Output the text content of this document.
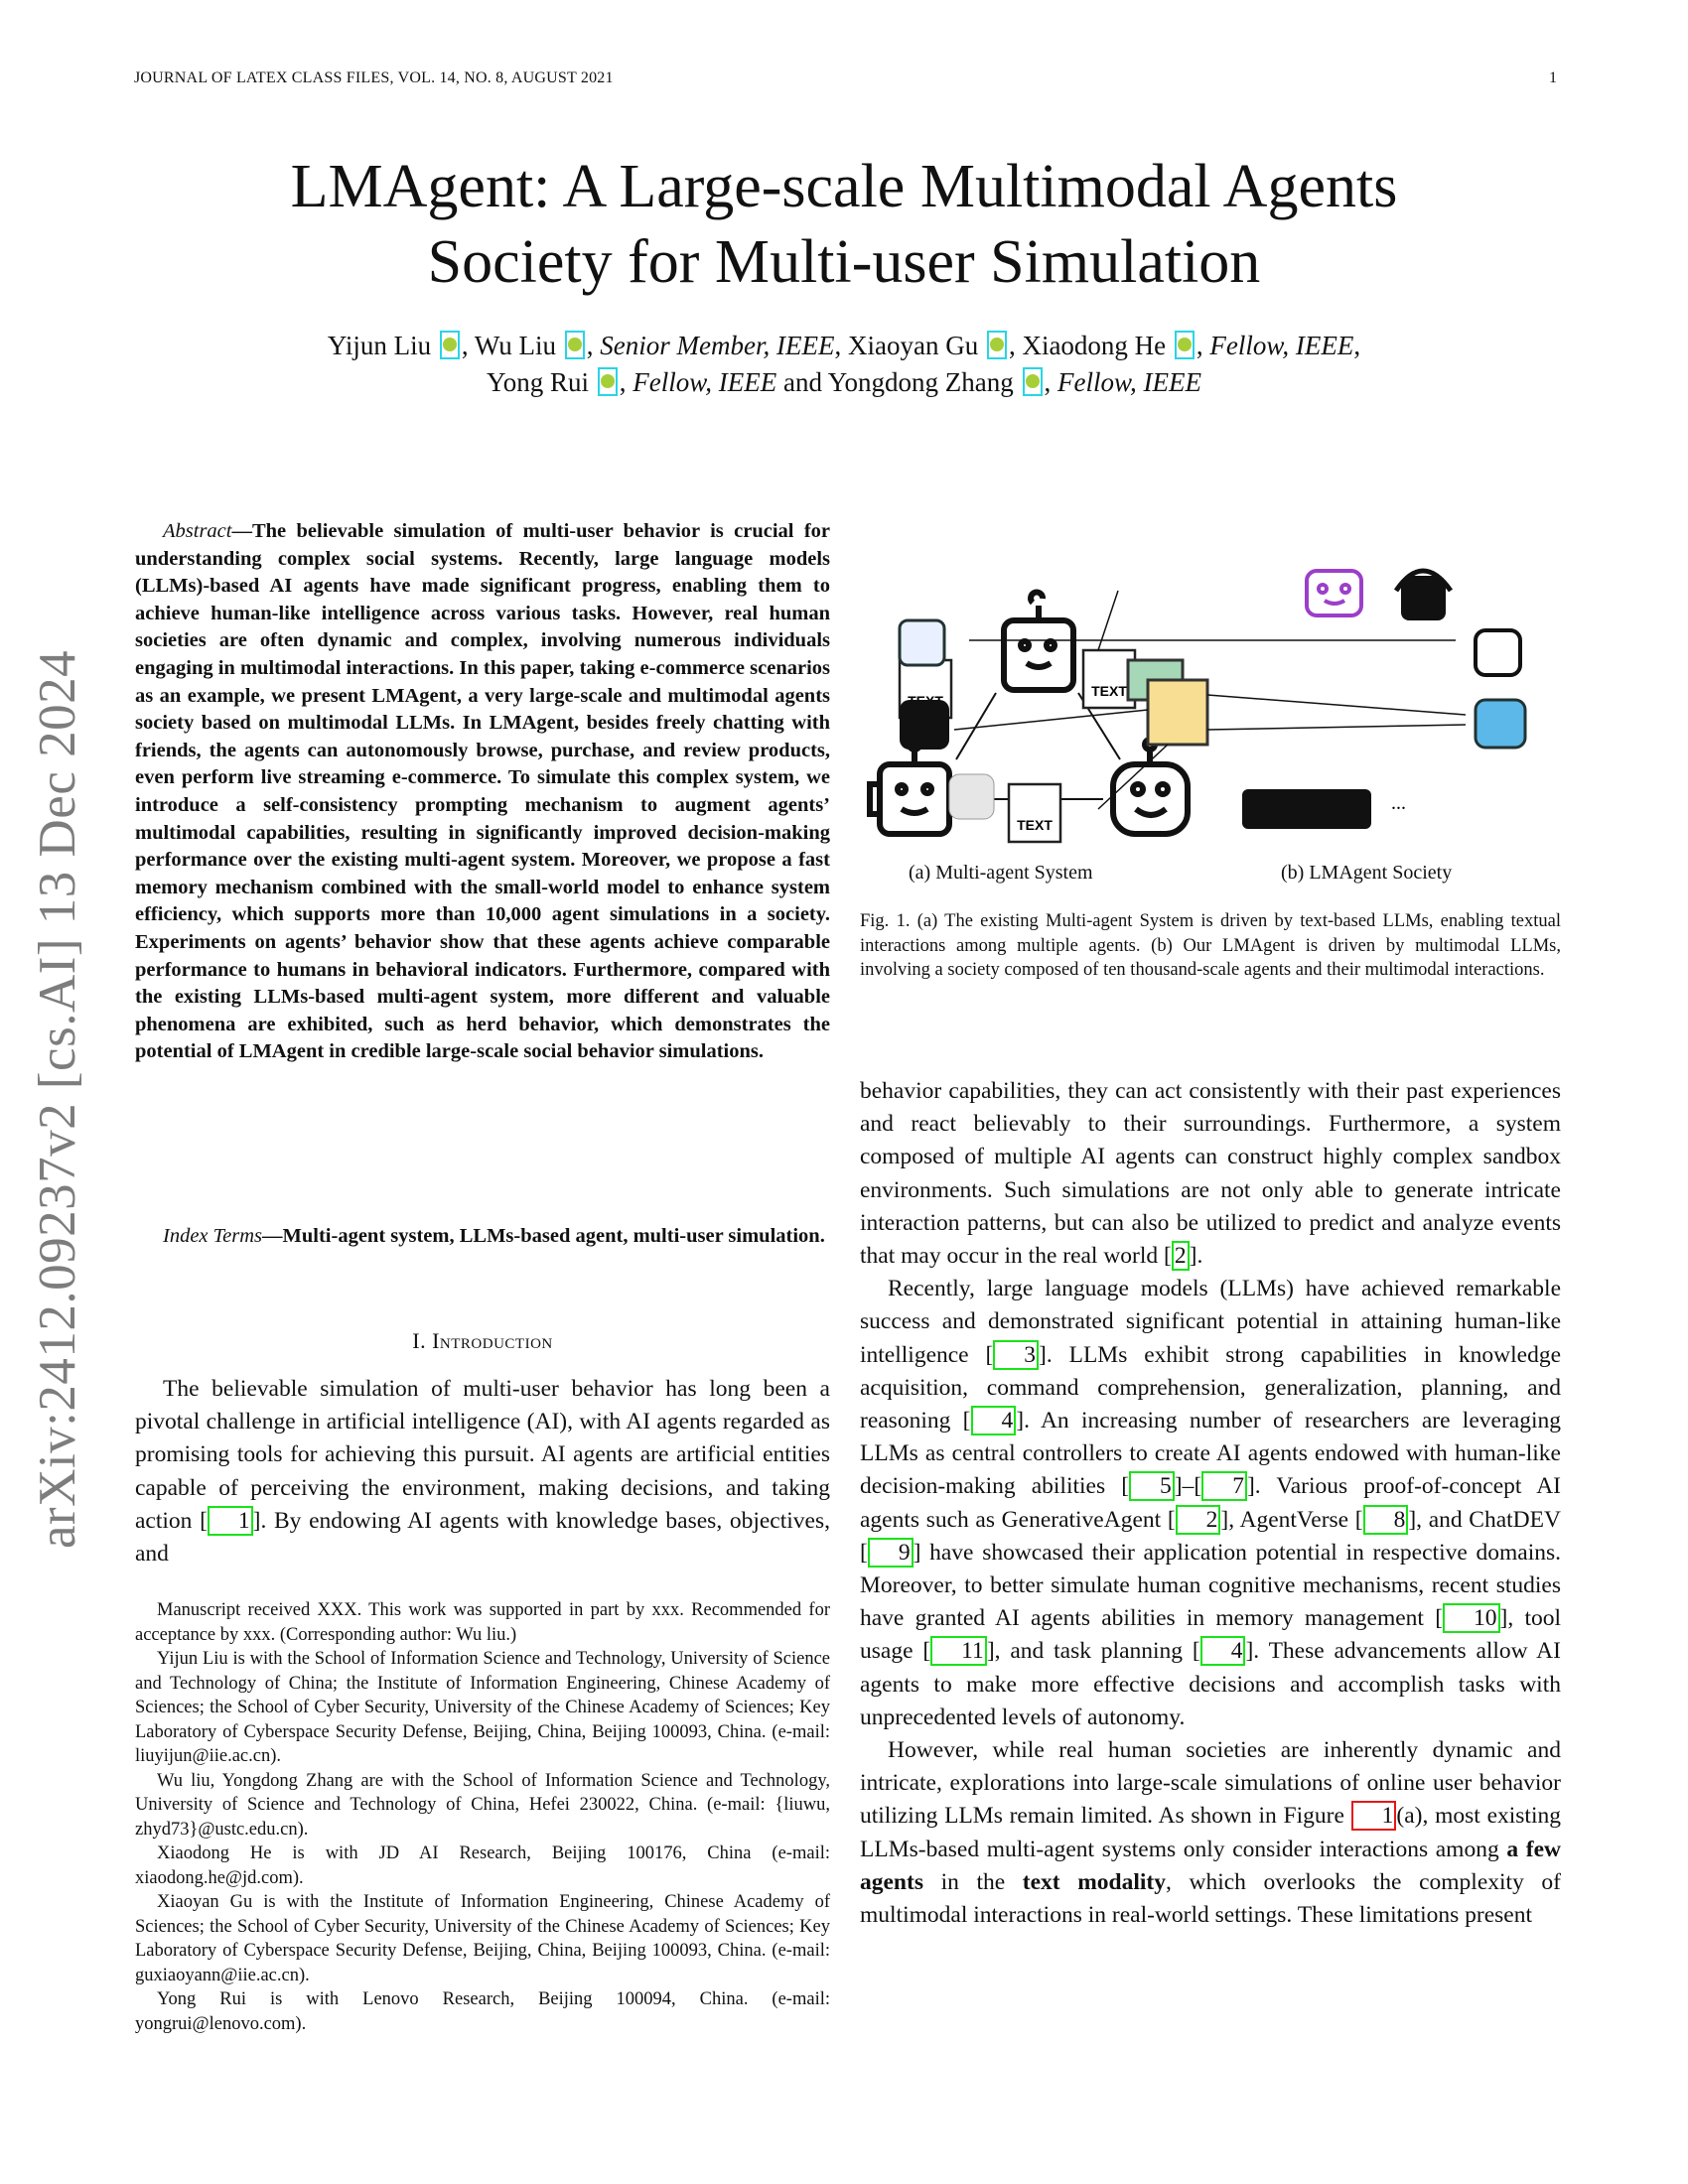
JOURNAL OF LATEX CLASS FILES, VOL. 14, NO. 8, AUGUST 2021	1
arXiv:2412.09237v2 [cs.AI] 13 Dec 2024
LMAgent: A Large-scale Multimodal Agents
Society for Multi-user Simulation
Yijun Liu , Wu Liu , Senior Member, IEEE, Xiaoyan Gu , Xiaodong He , Fellow, IEEE,
Yong Rui , Fellow, IEEE and Yongdong Zhang , Fellow, IEEE
Abstract—The believable simulation of multi-user behavior is crucial for understanding complex social systems. Recently, large language models (LLMs)-based AI agents have made significant progress, enabling them to achieve human-like intelligence across various tasks. However, real human societies are often dynamic and complex, involving numerous individuals engaging in multimodal interactions. In this paper, taking e-commerce scenarios as an example, we present LMAgent, a very large-scale and multimodal agents society based on multimodal LLMs. In LMAgent, besides freely chatting with friends, the agents can autonomously browse, purchase, and review products, even perform live streaming e-commerce. To simulate this complex system, we introduce a self-consistency prompting mechanism to augment agents’ multimodal capabilities, resulting in significantly improved decision-making performance over the existing multi-agent system. Moreover, we propose a fast memory mechanism combined with the small-world model to enhance system efficiency, which supports more than 10,000 agent simulations in a society. Experiments on agents’ behavior show that these agents achieve comparable performance to humans in behavioral indicators. Furthermore, compared with the existing LLMs-based multi-agent system, more different and valuable phenomena are exhibited, such as herd behavior, which demonstrates the potential of LMAgent in credible large-scale social behavior simulations.
Index Terms—Multi-agent system, LLMs-based agent, multi-user simulation.
I. Introduction

The believable simulation of multi-user behavior has long been a pivotal challenge in artificial intelligence (AI), with AI agents regarded as promising tools for achieving this pursuit. AI agents are artificial entities capable of perceiving the environment, making decisions, and taking action [ 1 ]. By endowing AI agents with knowledge bases, objectives, and

Manuscript received XXX. This work was supported in part by xxx. Recommended for acceptance by xxx. (Corresponding author: Wu liu.)

Yijun Liu is with the School of Information Science and Technology, University of Science and Technology of China; the Institute of Information Engineering, Chinese Academy of Sciences; the School of Cyber Security, University of the Chinese Academy of Sciences; Key Laboratory of Cyberspace Security Defense, Beijing, China, Beijing 100093, China. (e-mail: liuyijun@iie.ac.cn).

Wu liu, Yongdong Zhang are with the School of Information Science and Technology, University of Science and Technology of China, Hefei 230022, China. (e-mail: {liuwu, zhyd73}@ustc.edu.cn).

Xiaodong He is with JD AI Research, Beijing 100176, China (e-mail: xiaodong.he@jd.com).

Xiaoyan Gu is with the Institute of Information Engineering, Chinese Academy of Sciences; the School of Cyber Security, University of the Chinese Academy of Sciences; Key Laboratory of Cyberspace Security Defense, Beijing, China, Beijing 100093, China. (e-mail: guxiaoyann@iie.ac.cn).

Yong Rui is with Lenovo Research, Beijing 100094, China. (e-mail: yongrui@lenovo.com).

TEXT
TEXT
...
(a) Multi-agent System	(b) LMAgent Society
Fig. 1. (a) The existing Multi-agent System is driven by text-based LLMs, enabling textual interactions among multiple agents. (b) Our LMAgent is driven by multimodal LLMs, involving a society composed of ten thousand-scale agents and their multimodal interactions.

behavior capabilities, they can act consistently with their past experiences and react believably to their surroundings. Furthermore, a system composed of multiple AI agents can construct highly complex sandbox environments. Such simulations are not only able to generate intricate interaction patterns, but can also be utilized to predict and analyze events that may occur in the real world [ 2 ].

Recently, large language models (LLMs) have achieved remarkable success and demonstrated significant potential in attaining human-like intelligence [ 3 ]. LLMs exhibit strong capabilities in knowledge acquisition, command comprehension, generalization, planning, and reasoning [ 4 ]. An increasing number of researchers are leveraging LLMs as central controllers to create AI agents endowed with human-like decision-making abilities [ 5 ]–[ 7 ]. Various proof-of-concept AI agents such as GenerativeAgent [ 2 ], AgentVerse [ 8 ], and ChatDEV [ 9 ] have showcased their application potential in respective domains. Moreover, to better simulate human cognitive mechanisms, recent studies have granted AI agents abilities in memory management [ 10 ], tool usage [ 11 ], and task planning [ 4 ]. These advancements allow AI agents to make more effective decisions and accomplish tasks with unprecedented levels of autonomy.

However, while real human societies are inherently dynamic and intricate, explorations into large-scale simulations of online user behavior utilizing LLMs remain limited. As shown in Figure 1 (a), most existing LLMs-based multi-agent systems only consider interactions among a few agents in the text modality, which overlooks the complexity of multimodal interactions in real-world settings. These limitations present
